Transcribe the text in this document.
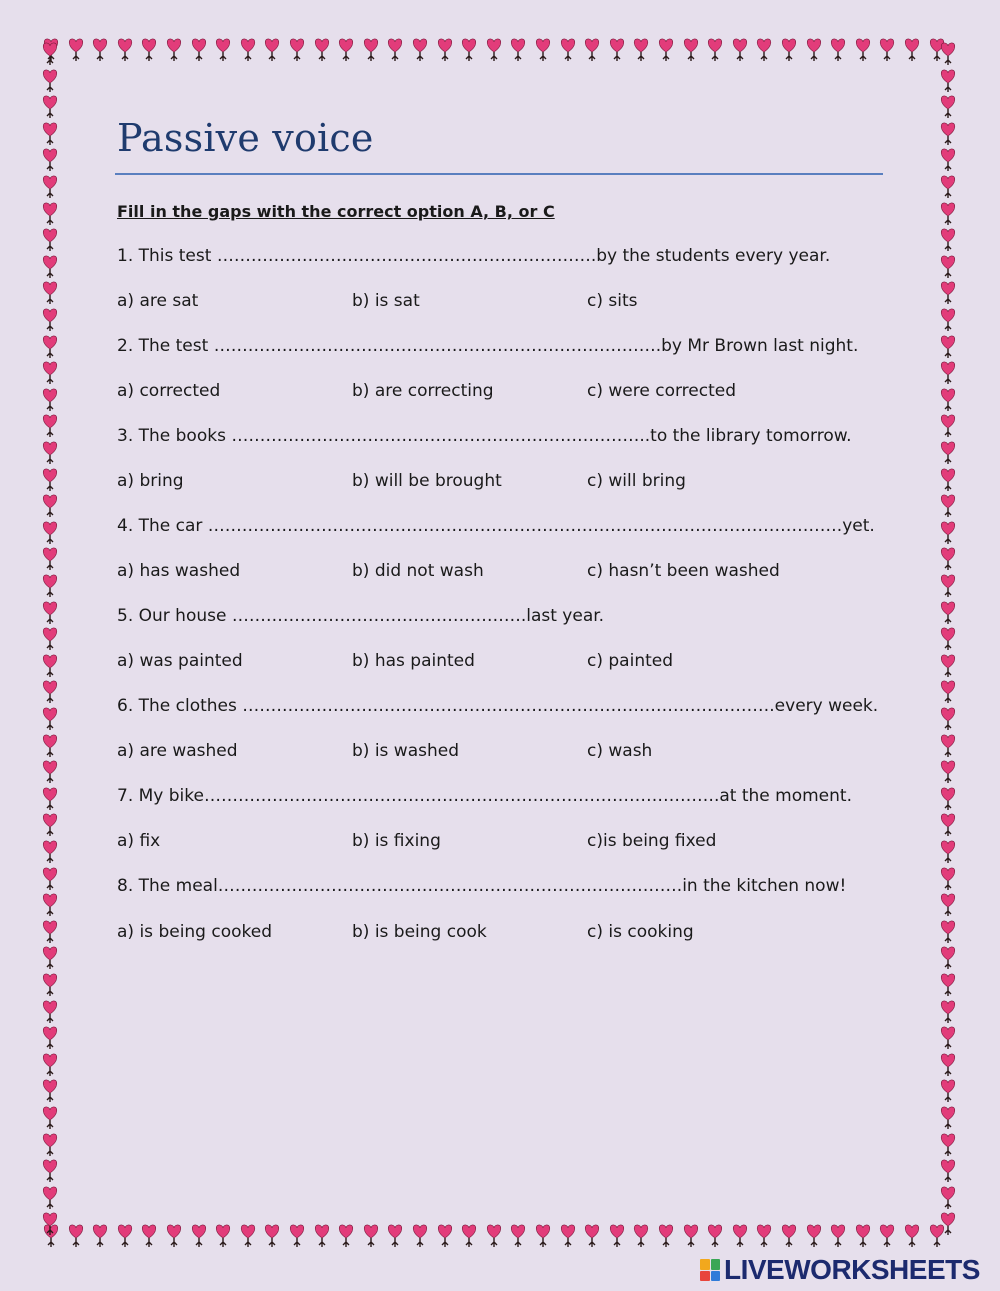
Passive voice
Fill in the gaps with the correct option A, B, or C
1. This test ………………………………………………………….by the students every year.
a) are sat	b) is sat	c) sits
2. The test …………………………………………………………………….by Mr Brown last night.
a) corrected	b) are correcting	c) were corrected
3. The books ………………………………………………………………..to the library tomorrow.
a) bring	b) will be brought	c) will bring
4. The car ………………………………………………………………………………………………….yet.
a) has washed	b) did not wash	c) hasn’t been washed
5. Our house …………………………………………….last year.
a) was painted	b) has painted	c) painted
6. The clothes ………………………………………………………………………………….every week.
a) are washed	b) is washed	c) wash
7. My bike……………………………………………………………………………….at the moment.
a) fix	b) is fixing	c)is being fixed
8. The meal……………………………………………………………………….in the kitchen now!
a) is being cooked	b) is being cook	c) is cooking
LIVEWORKSHEETS
